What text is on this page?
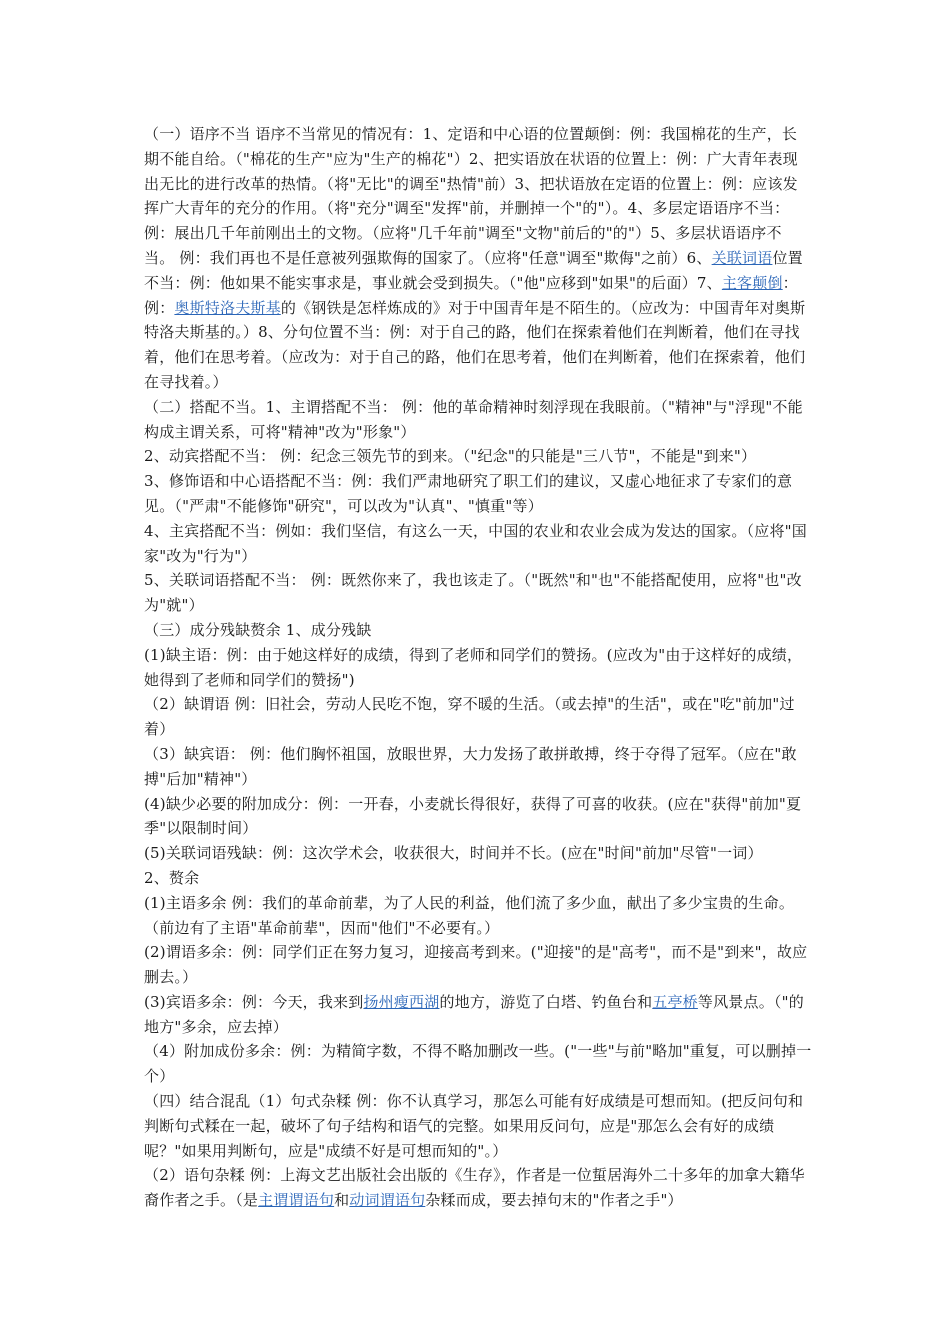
（一）语序不当 语序不当常见的情况有：1、定语和中心语的位置颠倒：例：我国棉花的生产，长期不能自给。（"棉花的生产"应为"生产的棉花"）2、把实语放在状语的位置上：例：广大青年表现出无比的进行改革的热情。（将"无比"的调至"热情"前）3、把状语放在定语的位置上：例：应该发挥广大青年的充分的作用。（将"充分"调至"发挥"前，并删掉一个"的"）。4、多层定语语序不当：例：展出几千年前刚出土的文物。（应将"几千年前"调至"文物"前后的"的"）5、多层状语语序不当。 例：我们再也不是任意被列强欺侮的国家了。（应将"任意"调至"欺侮"之前）6、关联词语位置不当：例：他如果不能实事求是，事业就会受到损失。（"他"应移到"如果"的后面）7、主客颠倒：例：奥斯特洛夫斯基的《钢铁是怎样炼成的》对于中国青年是不陌生的。（应改为：中国青年对奥斯特洛夫斯基的。）8、分句位置不当：例：对于自己的路，他们在探索着他们在判断着，他们在寻找着，他们在思考着。（应改为：对于自己的路，他们在思考着，他们在判断着，他们在探索着，他们在寻找着。）

（二）搭配不当。1、主谓搭配不当： 例：他的革命精神时刻浮现在我眼前。（"精神"与"浮现"不能构成主谓关系，可将"精神"改为"形象"）

2、动宾搭配不当： 例：纪念三领先节的到来。（"纪念"的只能是"三八节"，不能是"到来"）

3、修饰语和中心语搭配不当：例：我们严肃地研究了职工们的建议，又虚心地征求了专家们的意见。（"严肃"不能修饰"研究"，可以改为"认真"、"慎重"等）

4、主宾搭配不当：例如：我们坚信，有这么一天，中国的农业和农业会成为发达的国家。（应将"国家"改为"行为"）

5、关联词语搭配不当： 例：既然你来了，我也该走了。（"既然"和"也"不能搭配使用，应将"也"改为"就"）

（三）成分残缺赘余 1、成分残缺

(1)缺主语：例：由于她这样好的成绩，得到了老师和同学们的赞扬。(应改为"由于这样好的成绩，她得到了老师和同学们的赞扬")

（2）缺谓语 例：旧社会，劳动人民吃不饱，穿不暖的生活。（或去掉"的生活"，或在"吃"前加"过着）

（3）缺宾语： 例：他们胸怀祖国，放眼世界，大力发扬了敢拼敢搏，终于夺得了冠军。（应在"敢搏"后加"精神"）

(4)缺少必要的附加成分：例：一开春，小麦就长得很好，获得了可喜的收获。(应在"获得"前加"夏季"以限制时间）

(5)关联词语残缺：例：这次学术会，收获很大，时间并不长。(应在"时间"前加"尽管"一词）

2、赘余

(1)主语多余 例：我们的革命前辈，为了人民的利益，他们流了多少血，献出了多少宝贵的生命。（前边有了主语"革命前辈"，因而"他们"不必要有。）

(2)谓语多余：例：同学们正在努力复习，迎接高考到来。("迎接"的是"高考"，而不是"到来"，故应删去。）

(3)宾语多余：例：今天，我来到扬州瘦西湖的地方，游览了白塔、钓鱼台和五亭桥等风景点。（"的地方"多余，应去掉）

（4）附加成份多余：例：为精简字数，不得不略加删改一些。("一些"与前"略加"重复，可以删掉一个）

（四）结合混乱（1）句式杂糅 例：你不认真学习，那怎么可能有好成绩是可想而知。(把反问句和判断句式糅在一起，破坏了句子结构和语气的完整。如果用反问句，应是"那怎么会有好的成绩呢？"如果用判断句，应是"成绩不好是可想而知的"。）

（2）语句杂糅 例：上海文艺出版社会出版的《生存》，作者是一位蜇居海外二十多年的加拿大籍华裔作者之手。（是主谓谓语句和动词谓语句杂糅而成，要去掉句末的"作者之手"）
